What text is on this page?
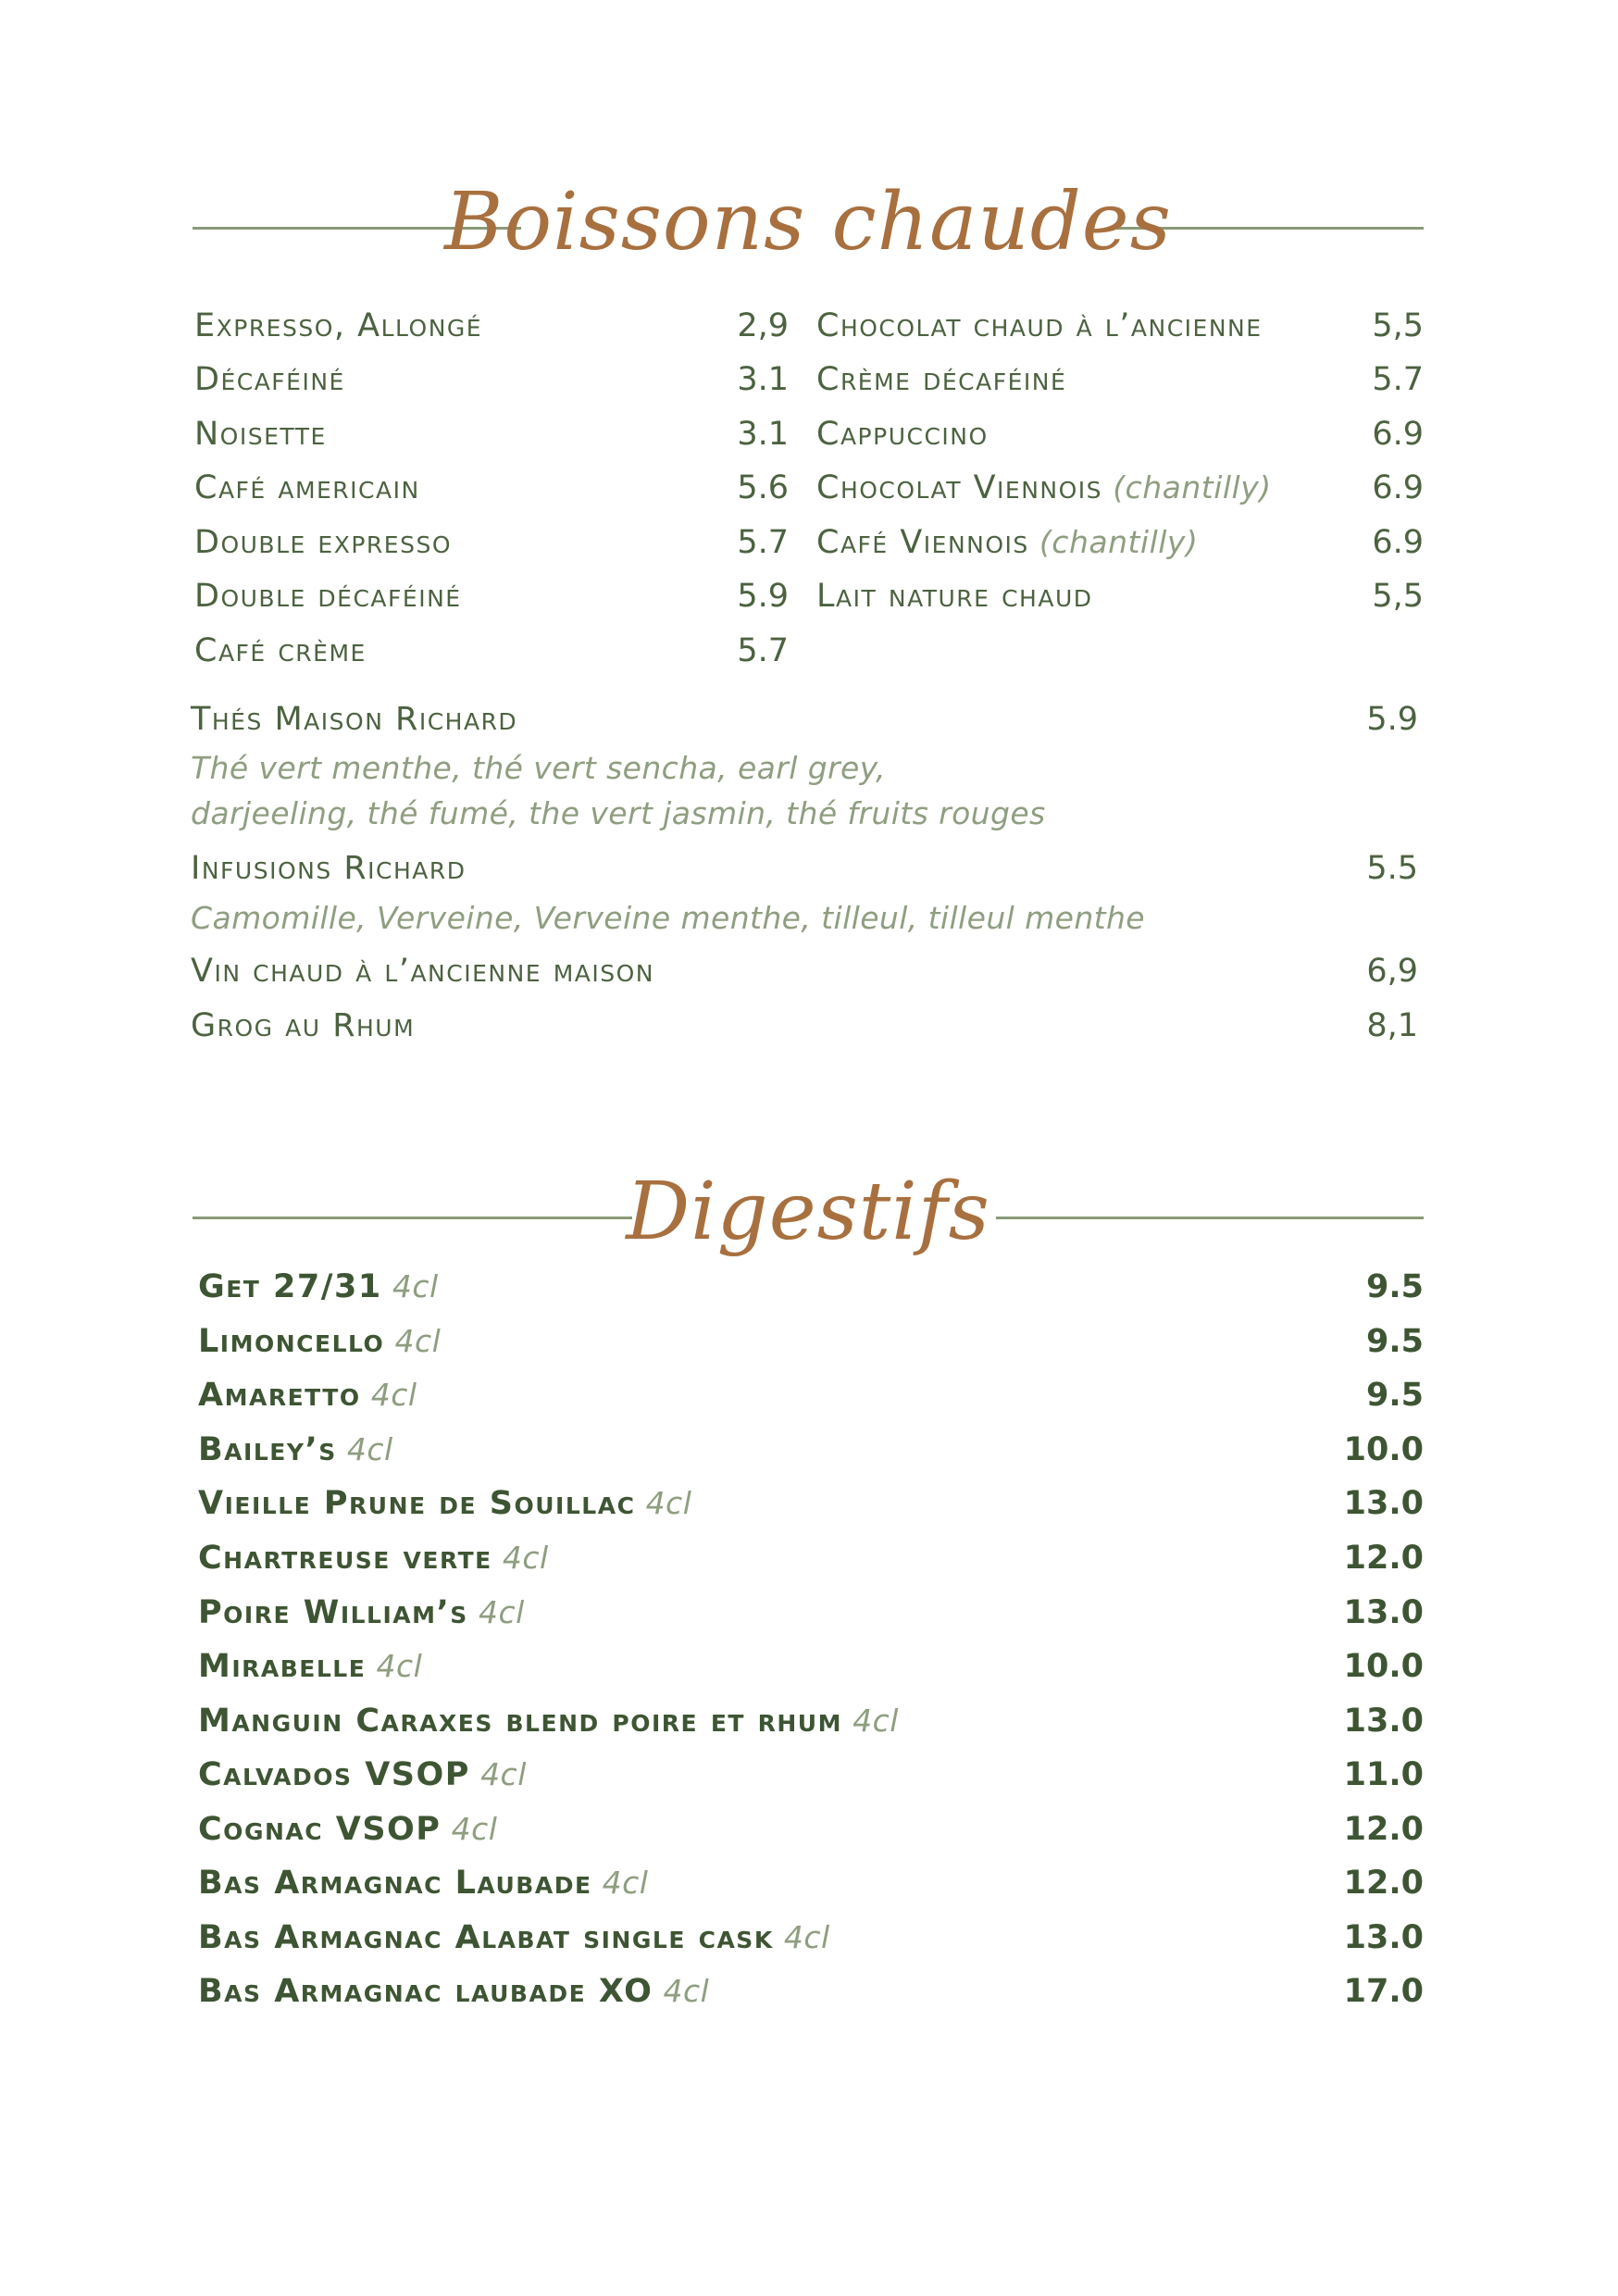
Boissons chaudes
Expresso, Allongé	2,9
Décaféiné	3.1
Noisette	3.1
Café americain	5.6
Double expresso	5.7
Double décaféiné	5.9
Café crème	5.7
Chocolat chaud à l’ancienne	5,5
Crème décaféiné	5.7
Cappuccino	6.9
Chocolat Viennois (chantilly)	6.9
Café Viennois (chantilly)	6.9
Lait nature chaud	5,5
Thés Maison Richard	5.9
Thé vert menthe, thé vert sencha, earl grey,
darjeeling, thé fumé, the vert jasmin, thé fruits rouges
Infusions Richard	5.5
Camomille, Verveine, Verveine menthe, tilleul, tilleul menthe
Vin chaud à l’ancienne maison	6,9
Grog au Rhum	8,1
Digestifs
Get 27/31 4cl	9.5
Limoncello 4cl	9.5
Amaretto 4cl	9.5
Bailey’s 4cl	10.0
Vieille Prune de Souillac 4cl	13.0
Chartreuse verte 4cl	12.0
Poire William’s 4cl	13.0
Mirabelle 4cl	10.0
Manguin Caraxes blend poire et rhum 4cl	13.0
Calvados VSOP 4cl	11.0
Cognac VSOP 4cl	12.0
Bas Armagnac Laubade 4cl	12.0
Bas Armagnac Alabat single cask 4cl	13.0
Bas Armagnac laubade XO 4cl	17.0
